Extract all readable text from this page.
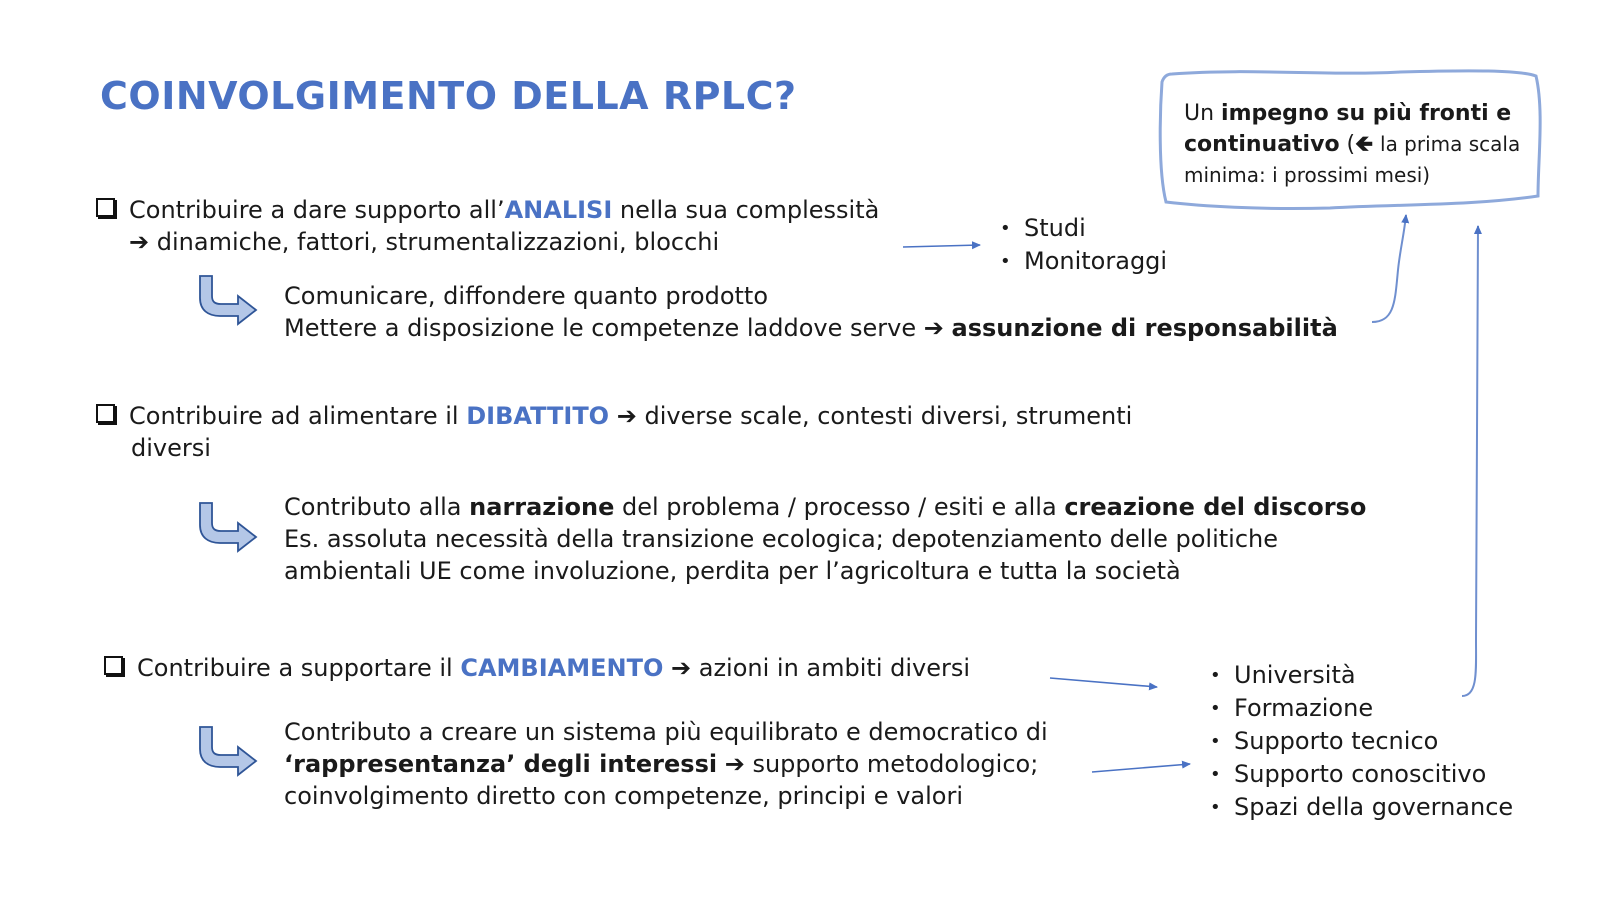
COINVOLGIMENTO DELLA RPLC?	Un impegno su più fronti e continuativo (🡸 la prima scala minima: i prossimi mesi)
Contribuire a dare supporto all’ANALISI nella sua complessità
➔ dinamiche, fattori, strumentalizzazioni, blocchi	• Studi
• Monitoraggi
Comunicare, diffondere quanto prodotto
Mettere a disposizione le competenze laddove serve ➔ assunzione di responsabilità
Contribuire ad alimentare il DIBATTITO ➔ diverse scale, contesti diversi, strumenti
diversi
Contributo alla narrazione del problema / processo / esiti e alla creazione del discorso
Es. assoluta necessità della transizione ecologica; depotenziamento delle politiche
ambientali UE come involuzione, perdita per l’agricoltura e tutta la società
Contribuire a supportare il CAMBIAMENTO ➔ azioni in ambiti diversi	• Università
• Formazione
• Supporto tecnico
• Supporto conoscitivo
• Spazi della governance
Contributo a creare un sistema più equilibrato e democratico di
‘rappresentanza’ degli interessi ➔ supporto metodologico;
coinvolgimento diretto con competenze, principi e valori
